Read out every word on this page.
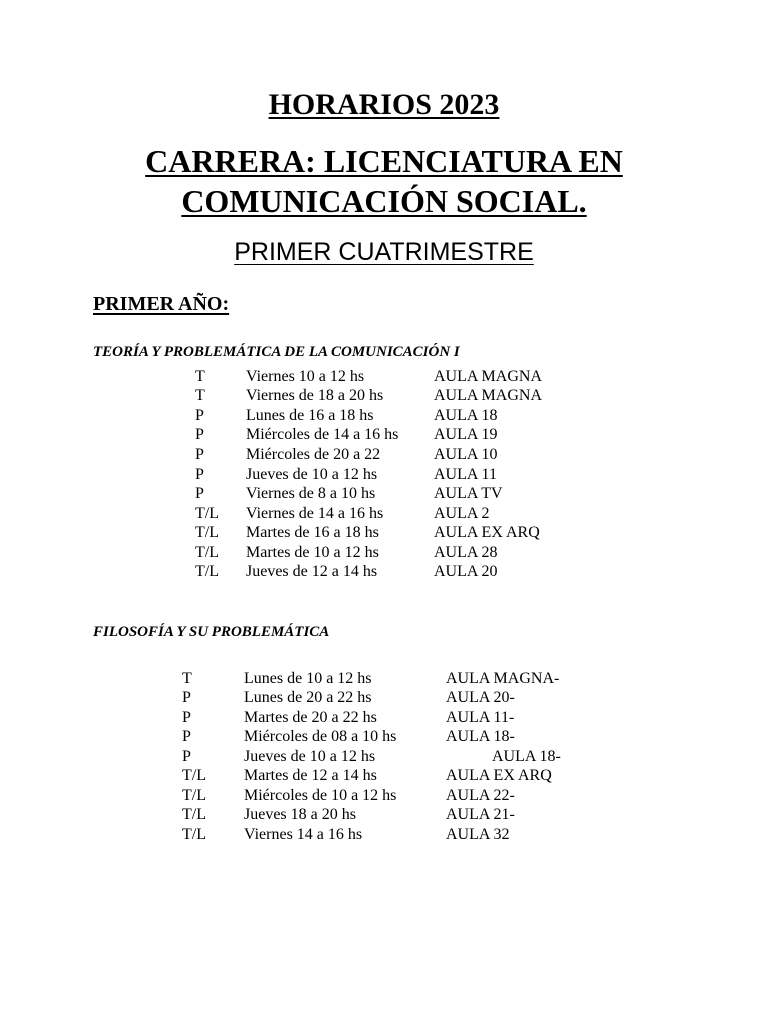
HORARIOS 2023
CARRERA: LICENCIATURA EN
COMUNICACIÓN SOCIAL.
PRIMER CUATRIMESTRE
PRIMER AÑO:
TEORÍA Y PROBLEMÁTICA DE LA COMUNICACIÓN I
T	Viernes 10 a 12 hs	AULA MAGNA
T	Viernes de 18 a 20 hs	AULA MAGNA
P	Lunes de 16 a 18 hs	AULA 18
P	Miércoles de 14 a 16 hs AULA 19
P	Miércoles de 20 a 22	AULA 10
P	Jueves de 10 a 12 hs	AULA 11
P	Viernes de 8 a 10 hs	AULA TV
T/L Viernes de 14 a 16 hs	AULA 2
T/L Martes de 16 a 18 hs	AULA EX ARQ
T/L Martes de 10 a 12 hs	AULA 28
T/L Jueves de 12 a 14 hs	AULA 20
FILOSOFÍA Y SU PROBLEMÁTICA
T	Lunes de 10 a 12 hs	AULA MAGNA-
P	Lunes de 20 a 22 hs	AULA 20-
P	Martes de 20 a 22 hs	AULA 11-
P	Miércoles de 08 a 10 hs	AULA 18-
P	Jueves de 10 a 12 hs	AULA 18-
T/L Martes de 12 a 14 hs	AULA EX ARQ
T/L Miércoles de 10 a 12 hs	AULA 22-
T/L Jueves 18 a 20 hs	AULA 21-
T/L Viernes 14 a 16 hs	AULA 32
